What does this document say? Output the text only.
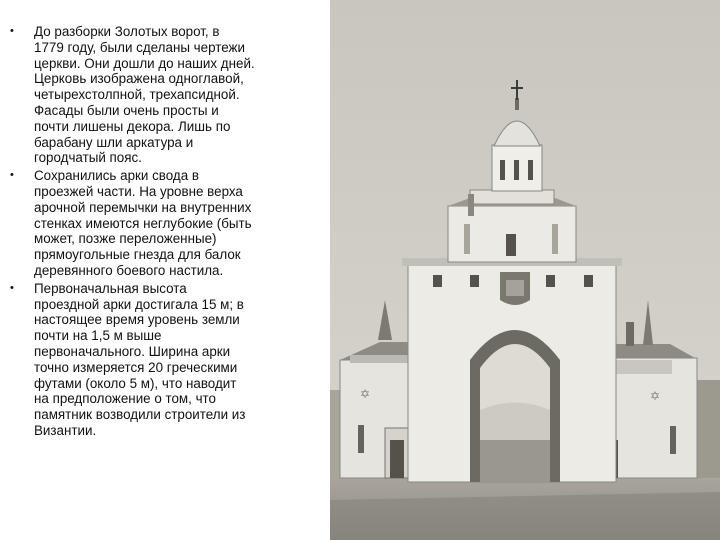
• До разборки Золотых ворот, в
1779 году, были сделаны чертежи
церкви. Они дошли до наших дней.
Церковь изображена одноглавой,
четырехстолпной, трехапсидной.
Фасады были очень просты и
почти лишены декора. Лишь по
барабану шли аркатура и
городчатый пояс.
• Сохранились арки свода в
проезжей части. На уровне верха
арочной перемычки на внутренних
стенках имеются неглубокие (быть
может, позже переложенные)
прямоугольные гнезда для балок
деревянного боевого настила.
• Первоначальная высота
проездной арки достигала 15 м; в
настоящее время уровень земли
почти на 1,5 м выше
первоначального. Ширина арки
точно измеряется 20 греческими
футами (около 5 м), что наводит
на предположение о том, что
памятник возводили строители из
Византии.
✡	✡
